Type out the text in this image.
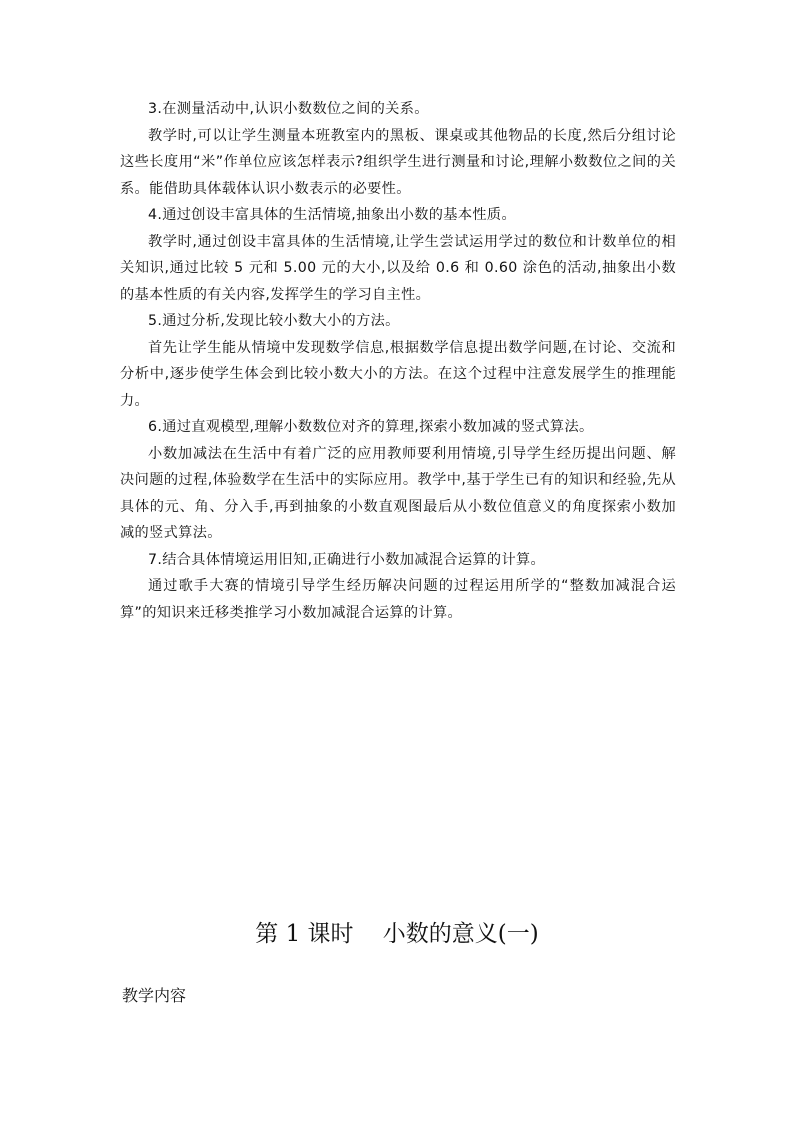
3.在测量活动中,认识小数数位之间的关系。

教学时,可以让学生测量本班教室内的黑板、课桌或其他物品的长度,然后分组讨论这些长度用“米”作单位应该怎样表示?组织学生进行测量和讨论,理解小数数位之间的关系。能借助具体载体认识小数表示的必要性。

4.通过创设丰富具体的生活情境,抽象出小数的基本性质。

教学时,通过创设丰富具体的生活情境,让学生尝试运用学过的数位和计数单位的相关知识,通过比较 5 元和 5.00 元的大小,以及给 0.6 和 0.60 涂色的活动,抽象出小数的基本性质的有关内容,发挥学生的学习自主性。

5.通过分析,发现比较小数大小的方法。

首先让学生能从情境中发现数学信息,根据数学信息提出数学问题,在讨论、交流和分析中,逐步使学生体会到比较小数大小的方法。在这个过程中注意发展学生的推理能力。

6.通过直观模型,理解小数数位对齐的算理,探索小数加减的竖式算法。

小数加减法在生活中有着广泛的应用教师要利用情境,引导学生经历提出问题、解决问题的过程,体验数学在生活中的实际应用。教学中,基于学生已有的知识和经验,先从具体的元、角、分入手,再到抽象的小数直观图最后从小数位值意义的角度探索小数加减的竖式算法。

7.结合具体情境运用旧知,正确进行小数加减混合运算的计算。

通过歌手大赛的情境引导学生经历解决问题的过程运用所学的“整数加减混合运算”的知识来迁移类推学习小数加减混合运算的计算。

第 1 课时    小数的意义(一)
教学内容
